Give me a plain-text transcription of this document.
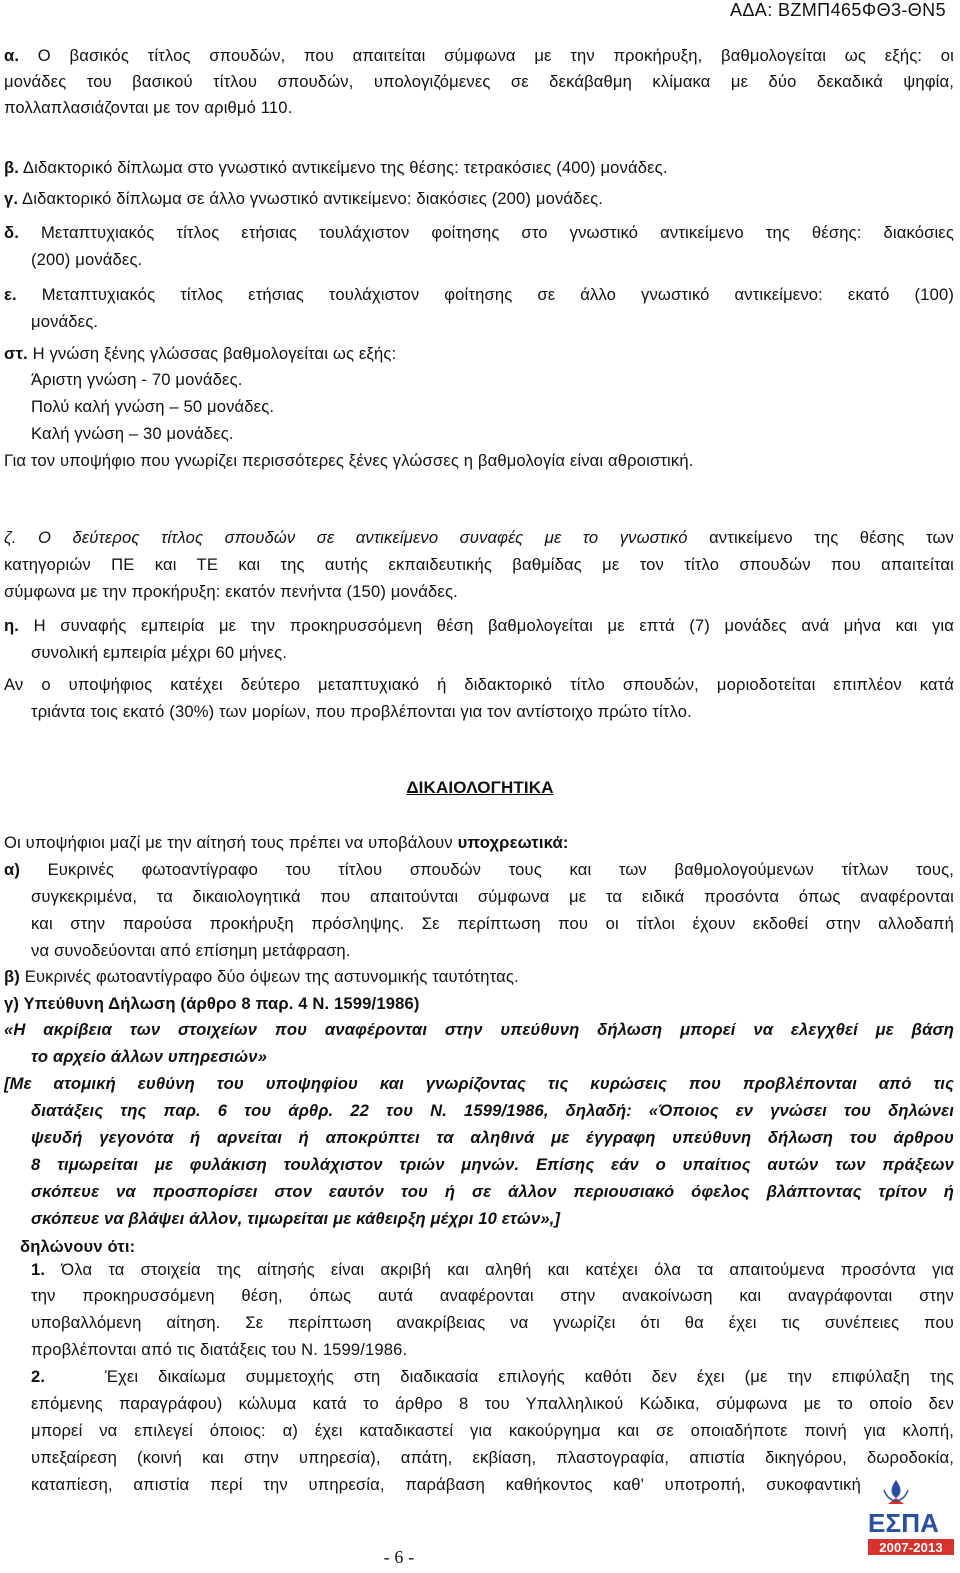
ΑΔΑ: ΒΖΜΠ465ΦΘ3-ΘΝ5
α. Ο βασικός τίτλος σπουδών, που απαιτείται σύμφωνα με την προκήρυξη, βαθμολογείται ως εξής: οι
μονάδες του βασικού τίτλου σπουδών, υπολογιζόμενες σε δεκάβαθμη κλίμακα με δύο δεκαδικά ψηφία,
πολλαπλασιάζονται με τον αριθμό 110.
β. Διδακτορικό δίπλωμα στο γνωστικό αντικείμενο της θέσης: τετρακόσιες (400) μονάδες.
γ. Διδακτορικό δίπλωμα σε άλλο γνωστικό αντικείμενο: διακόσιες (200) μονάδες.
δ. Μεταπτυχιακός τίτλος ετήσιας τουλάχιστον φοίτησης στο γνωστικό αντικείμενο της θέσης: διακόσιες
(200) μονάδες.
ε. Μεταπτυχιακός τίτλος ετήσιας τουλάχιστον φοίτησης σε άλλο γνωστικό αντικείμενο: εκατό (100)
μονάδες.
στ. Η γνώση ξένης γλώσσας βαθμολογείται ως εξής:
Άριστη γνώση - 70 μονάδες.
Πολύ καλή γνώση – 50 μονάδες.
Καλή γνώση – 30 μονάδες.
Για τον υποψήφιο που γνωρίζει περισσότερες ξένες γλώσσες η βαθμολογία είναι αθροιστική.
ζ. Ο δεύτερος τίτλος σπουδών σε αντικείμενο συναφές με το γνωστικό αντικείμενο της θέσης των
κατηγοριών ΠΕ και ΤΕ και της αυτής εκπαιδευτικής βαθμίδας με τον τίτλο σπουδών που απαιτείται
σύμφωνα με την προκήρυξη: εκατόν πενήντα (150) μονάδες.
η. Η συναφής εμπειρία με την προκηρυσσόμενη θέση βαθμολογείται με επτά (7) μονάδες ανά μήνα και για
συνολική εμπειρία μέχρι 60 μήνες.
Αν ο υποψήφιος κατέχει δεύτερο μεταπτυχιακό ή διδακτορικό τίτλο σπουδών, μοριοδοτείται επιπλέον κατά
τριάντα τοις εκατό (30%) των μορίων, που προβλέπονται για τον αντίστοιχο πρώτο τίτλο.
ΔΙΚΑΙΟΛΟΓΗΤΙΚΑ
Οι υποψήφιοι μαζί με την αίτησή τους πρέπει να υποβάλουν υποχρεωτικά:
α) Ευκρινές φωτοαντίγραφο του τίτλου σπουδών τους και των βαθμολογούμενων τίτλων τους,
συγκεκριμένα, τα δικαιολογητικά που απαιτούνται σύμφωνα με τα ειδικά προσόντα όπως αναφέρονται
και στην παρούσα προκήρυξη πρόσληψης. Σε περίπτωση που οι τίτλοι έχουν εκδοθεί στην αλλοδαπή
να συνοδεύονται από επίσημη μετάφραση.
β) Ευκρινές φωτοαντίγραφο δύο όψεων της αστυνομικής ταυτότητας.
γ) Υπεύθυνη Δήλωση (άρθρο 8 παρ. 4 Ν. 1599/1986)
«Η ακρίβεια των στοιχείων που αναφέρονται στην υπεύθυνη δήλωση μπορεί να ελεγχθεί με βάση
το αρχείο άλλων υπηρεσιών»
[Με ατομική ευθύνη του υποψηφίου και γνωρίζοντας τις κυρώσεις που προβλέπονται από τις
διατάξεις της παρ. 6 του άρθρ. 22 του Ν. 1599/1986, δηλαδή: «Όποιος εν γνώσει του δηλώνει
ψευδή γεγονότα ή αρνείται ή αποκρύπτει τα αληθινά με έγγραφη υπεύθυνη δήλωση του άρθρου
8 τιμωρείται με φυλάκιση τουλάχιστον τριών μηνών. Επίσης εάν ο υπαίτιος αυτών των πράξεων
σκόπευε να προσπορίσει στον εαυτόν του ή σε άλλον περιουσιακό όφελος βλάπτοντας τρίτον ή
σκόπευε να βλάψει άλλον, τιμωρείται με κάθειρξη μέχρι 10 ετών»,]
δηλώνουν ότι:
1. Όλα τα στοιχεία της αίτησής είναι ακριβή και αληθή και κατέχει όλα τα απαιτούμενα προσόντα για
την προκηρυσσόμενη θέση, όπως αυτά αναφέρονται στην ανακοίνωση και αναγράφονται στην
υποβαλλόμενη αίτηση. Σε περίπτωση ανακρίβειας να γνωρίζει ότι θα έχει τις συνέπειες που
προβλέπονται από τις διατάξεις του Ν. 1599/1986.
2.	Έχει δικαίωμα συμμετοχής στη διαδικασία επιλογής καθότι δεν έχει (με την επιφύλαξη της
επόμενης παραγράφου) κώλυμα κατά το άρθρο 8 του Υπαλληλικού Κώδικα, σύμφωνα με το οποίο δεν
μπορεί να επιλεγεί όποιος: α) έχει καταδικαστεί για κακούργημα και σε οποιαδήποτε ποινή για κλοπή,
υπεξαίρεση (κοινή και στην υπηρεσία), απάτη, εκβίαση, πλαστογραφία, απιστία δικηγόρου, δωροδοκία,
καταπίεση, απιστία περί την υπηρεσία, παράβαση καθήκοντος καθ' υποτροπή, συκοφαντική
ΕΣΠΑ
2007-2013
- 6 -
